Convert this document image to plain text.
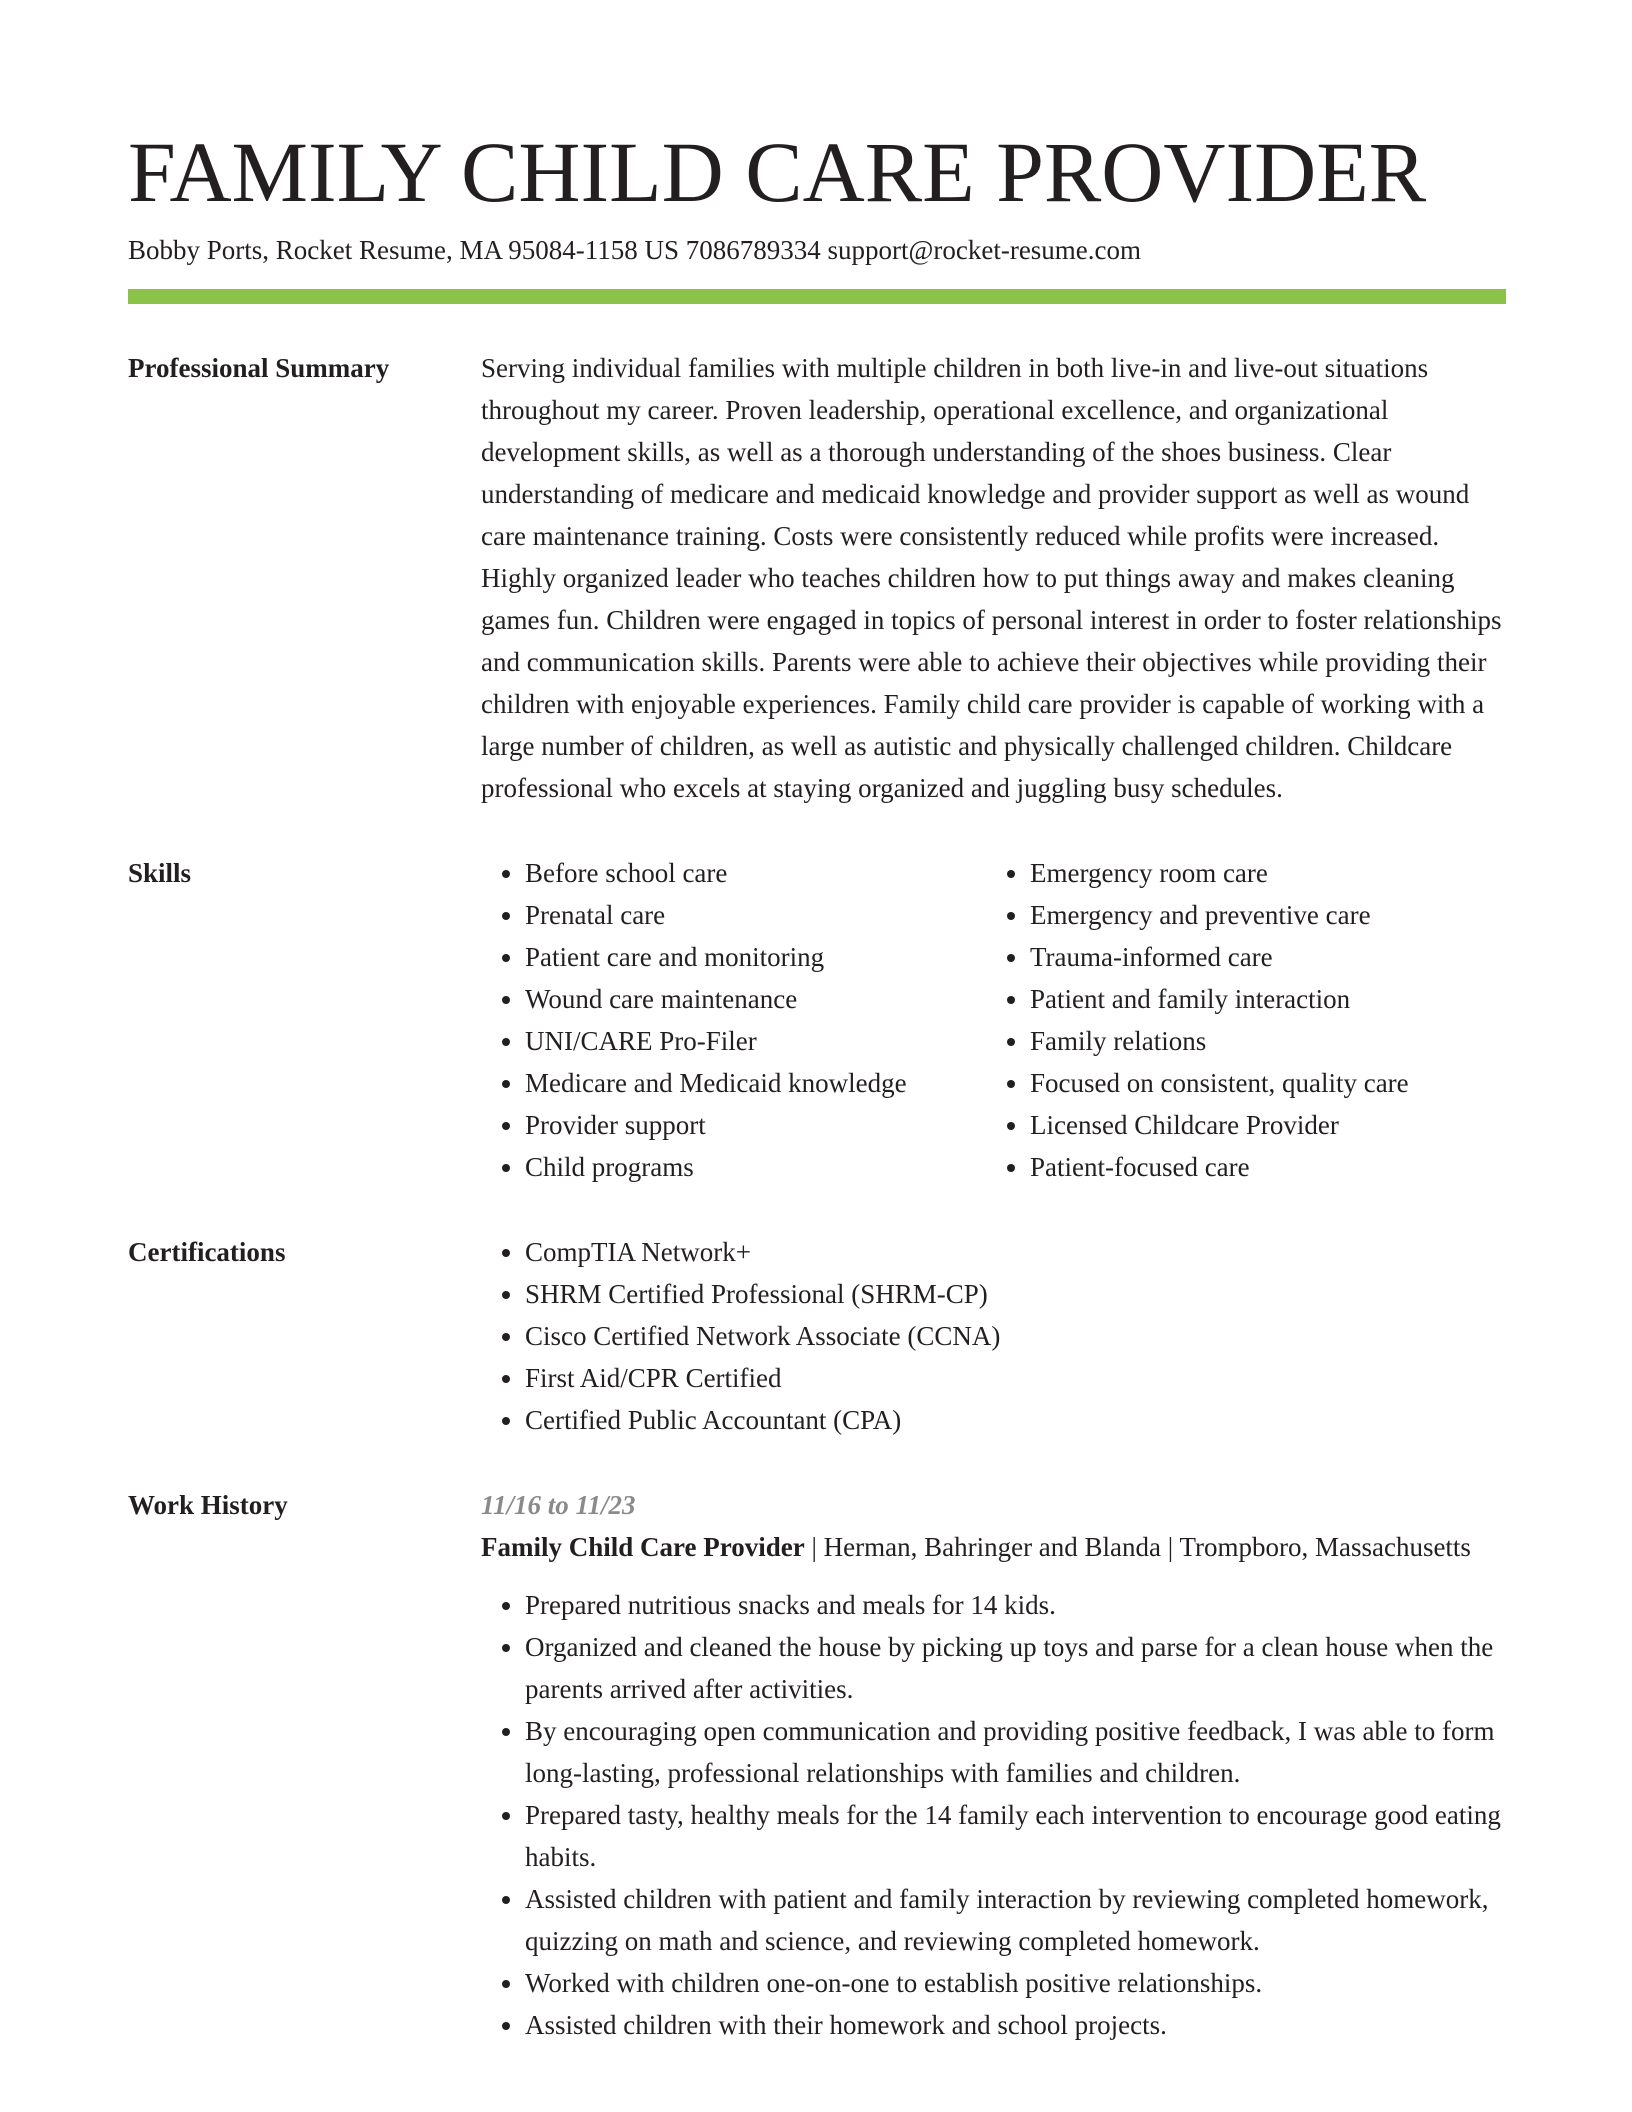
FAMILY CHILD CARE PROVIDER
Bobby Ports, Rocket Resume, MA 95084-1158 US 7086789334 support@rocket-resume.com
Professional Summary	Serving individual families with multiple children in both live-in and live-out situations throughout my career. Proven leadership, operational excellence, and organizational development skills, as well as a thorough understanding of the shoes business. Clear understanding of medicare and medicaid knowledge and provider support as well as wound care maintenance training. Costs were consistently reduced while profits were increased. Highly organized leader who teaches children how to put things away and makes cleaning games fun. Children were engaged in topics of personal interest in order to foster relationships and communication skills. Parents were able to achieve their objectives while providing their children with enjoyable experiences. Family child care provider is capable of working with a large number of children, as well as autistic and physically challenged children. Childcare professional who excels at staying organized and juggling busy schedules.

Skills	• Before school care
• Prenatal care
• Patient care and monitoring
• Wound care maintenance
• UNI/CARE Pro-Filer
• Medicare and Medicaid knowledge
• Provider support
• Child programs
• Emergency room care
• Emergency and preventive care
• Trauma-informed care
• Patient and family interaction
• Family relations
• Focused on consistent, quality care
• Licensed Childcare Provider
• Patient-focused care
Certifications	• CompTIA Network+
• SHRM Certified Professional (SHRM-CP)
• Cisco Certified Network Associate (CCNA)
• First Aid/CPR Certified
• Certified Public Accountant (CPA)
Work History	11/16 to 11/23
Family Child Care Provider | Herman, Bahringer and Blanda | Trompboro, Massachusetts
• Prepared nutritious snacks and meals for 14 kids.
• Organized and cleaned the house by picking up toys and parse for a clean house when the parents arrived after activities.
• By encouraging open communication and providing positive feedback, I was able to form long-lasting, professional relationships with families and children.
• Prepared tasty, healthy meals for the 14 family each intervention to encourage good eating habits.
• Assisted children with patient and family interaction by reviewing completed homework, quizzing on math and science, and reviewing completed homework.
• Worked with children one-on-one to establish positive relationships.
• Assisted children with their homework and school projects.
